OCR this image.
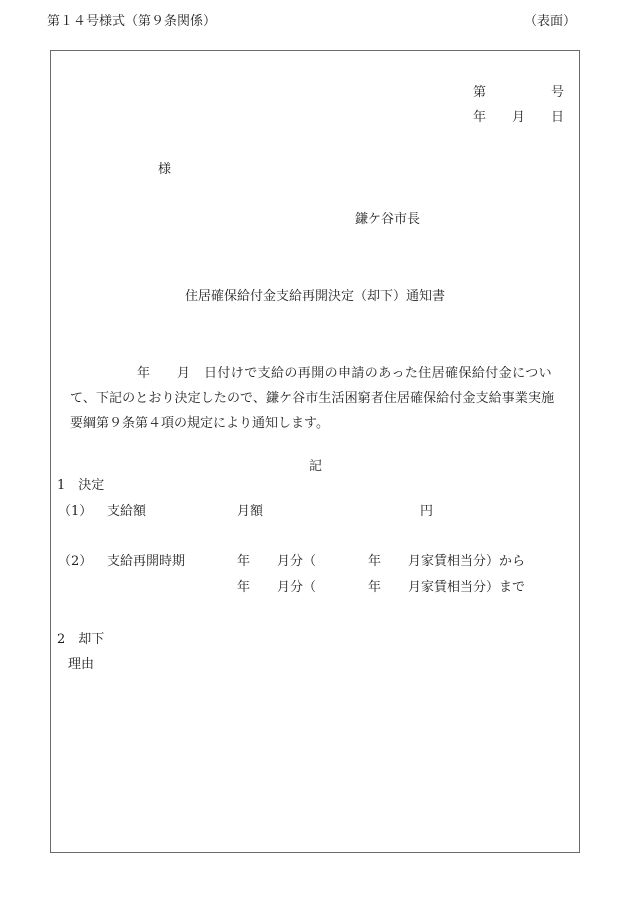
第１４号様式（第９条関係）	（表面）
第	号
年 月 日
様
鎌ケ谷市長
住居確保給付金支給再開決定（却下）通知書
年 月 日付けで支給の再開の申請のあった住居確保給付金につい
て、下記のとおり決定したので、鎌ケ谷市生活困窮者住居確保給付金支給事業実施
要綱第９条第４項の規定により通知します。
記
1　決定
（1） 支給額	月額	円
（2） 支給再開時期	年 月分（	年 月家賃相当分）から
年 月分（	年 月家賃相当分）まで
2　却下
理由
